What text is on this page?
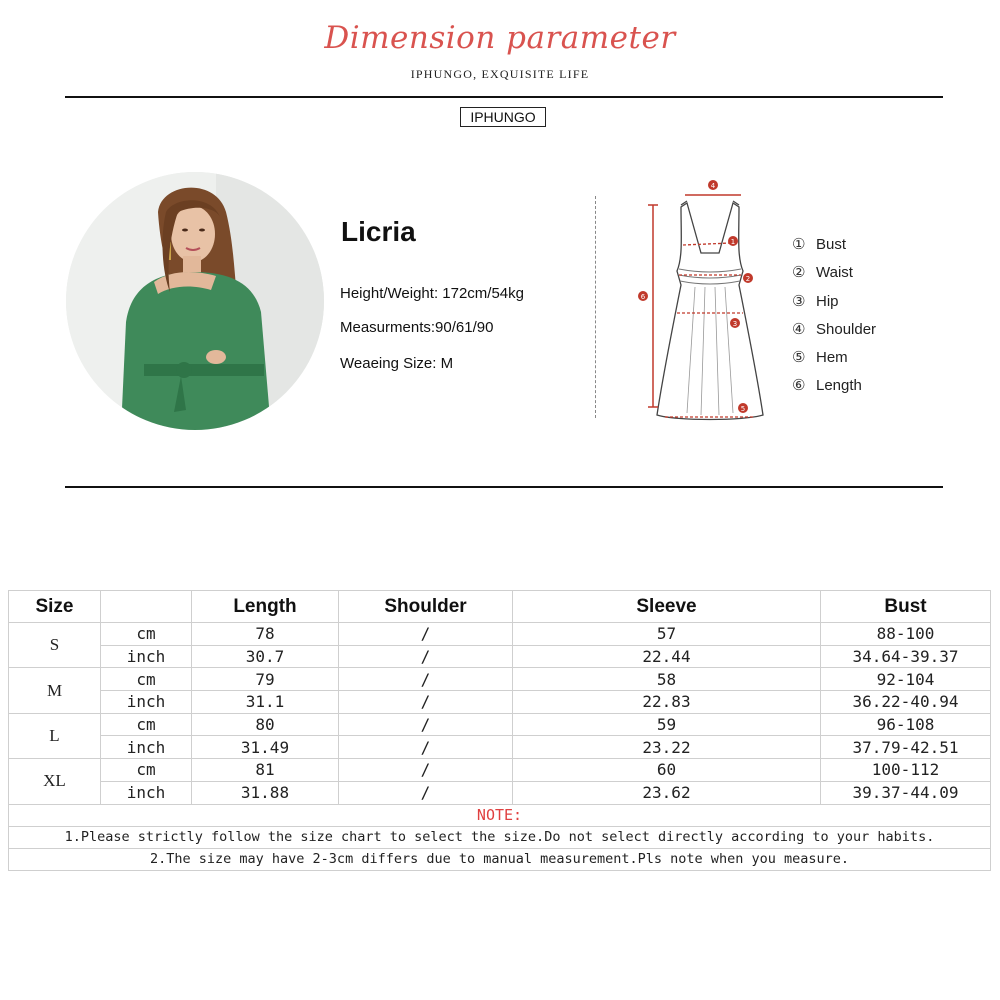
Dimension parameter
IPHUNGO, EXQUISITE LIFE
IPHUNGO
Licria
Height/Weight: 172cm/54kg
Measurments:90/61/90
Weaeing Size: M
4
1
2
6
3
5
① Bust
② Waist
③ Hip
④ Shoulder
⑤ Hem
⑥ Length
Size		Length	Shoulder	Sleeve	Bust
S	cm	78	/	57	88-100
	inch	30.7	/	22.44	34.64-39.37
M	cm	79	/	58	92-104
	inch	31.1	/	22.83	36.22-40.94
L	cm	80	/	59	96-108
	inch	31.49	/	23.22	37.79-42.51
XL	cm	81	/	60	100-112
	inch	31.88	/	23.62	39.37-44.09
NOTE:					
1.Please strictly follow the size chart to select the size.Do not select directly according to your habits.					
2.The size may have 2-3cm differs due to manual measurement.Pls note when you measure.					
